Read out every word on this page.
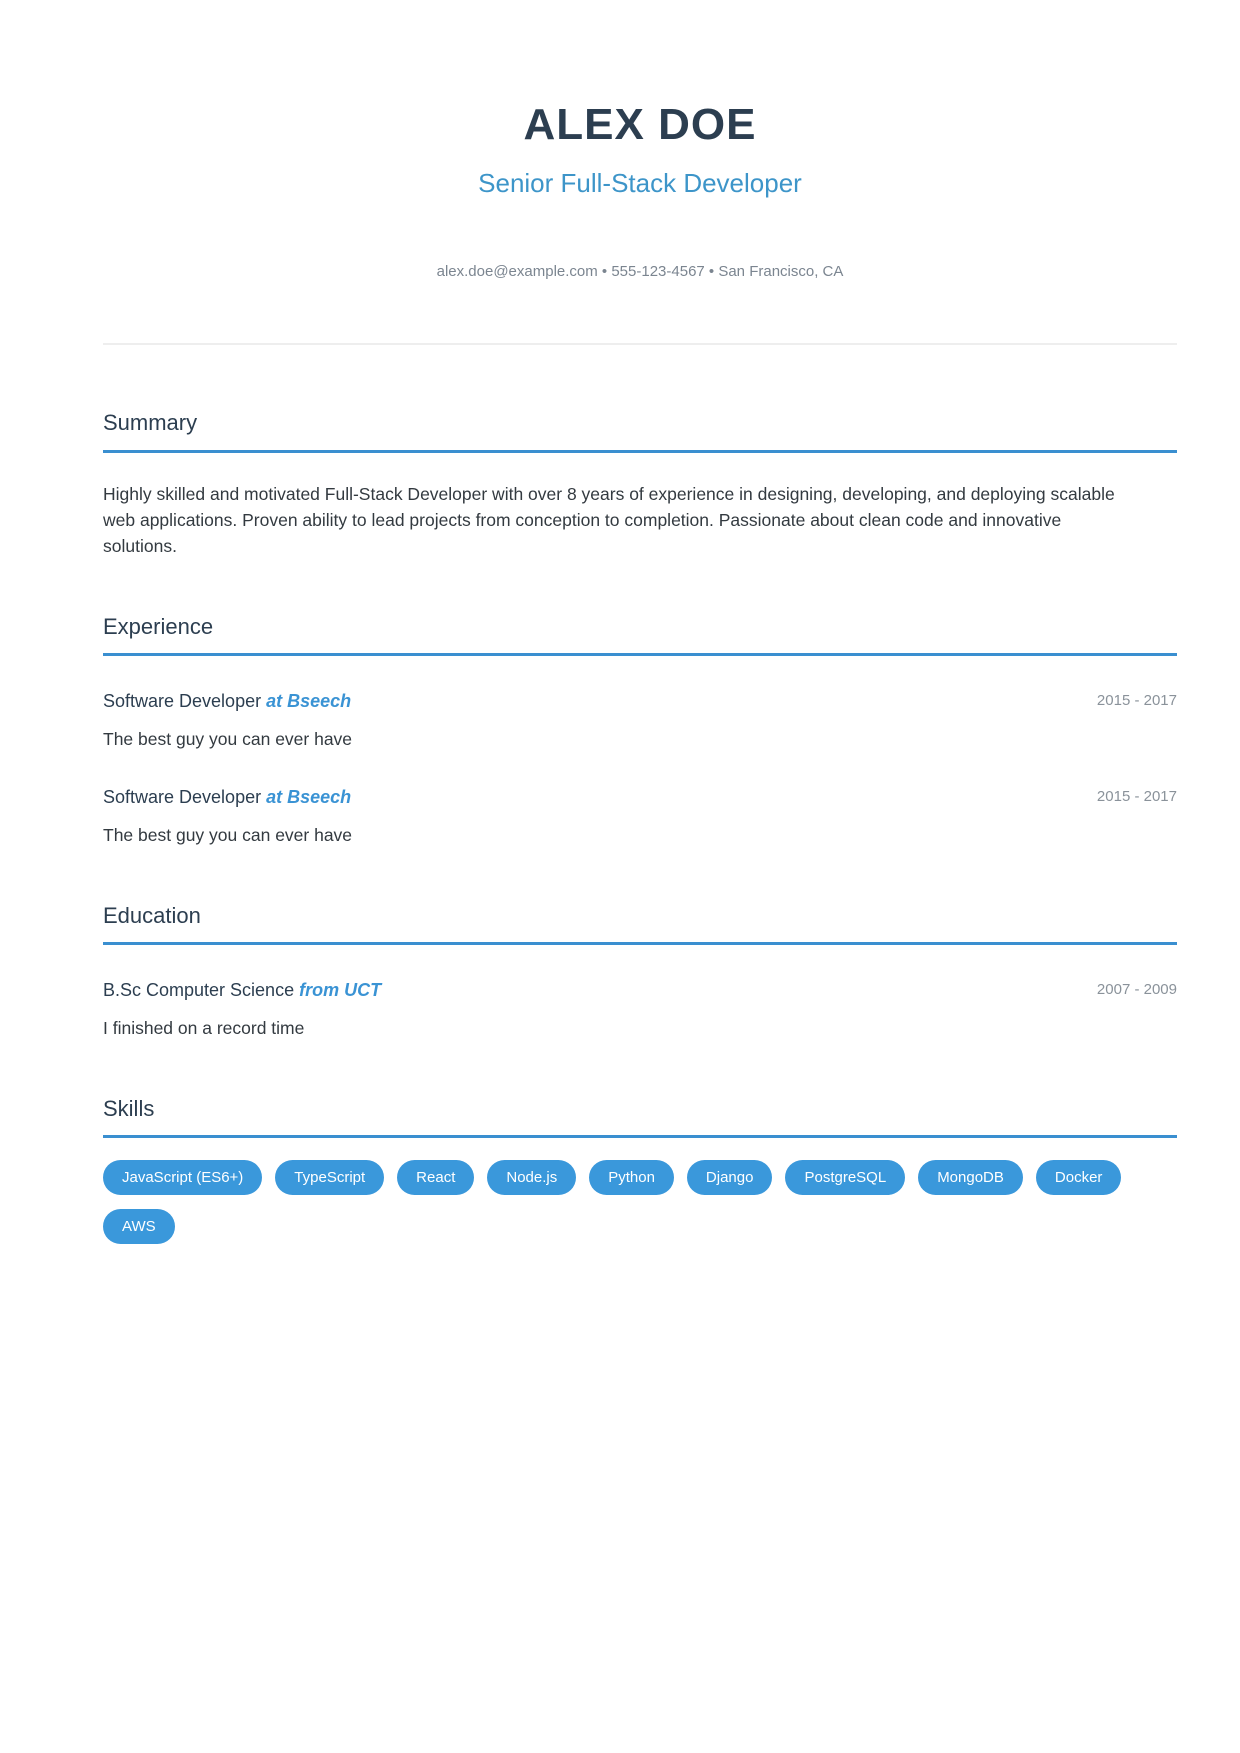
ALEX DOE
Senior Full-Stack Developer
alex.doe@example.com • 555-123-4567 • San Francisco, CA
Summary
Highly skilled and motivated Full-Stack Developer with over 8 years of experience in designing, developing, and deploying scalable
web applications. Proven ability to lead projects from conception to completion. Passionate about clean code and innovative
solutions.
Experience
Software Developer at Bseech	2015 - 2017
The best guy you can ever have
Software Developer at Bseech	2015 - 2017
The best guy you can ever have
Education
B.Sc Computer Science from UCT	2007 - 2009
I finished on a record time
Skills
JavaScript (ES6+)	TypeScript	React	Node.js	Python	Django	PostgreSQL	MongoDB	Docker
AWS
